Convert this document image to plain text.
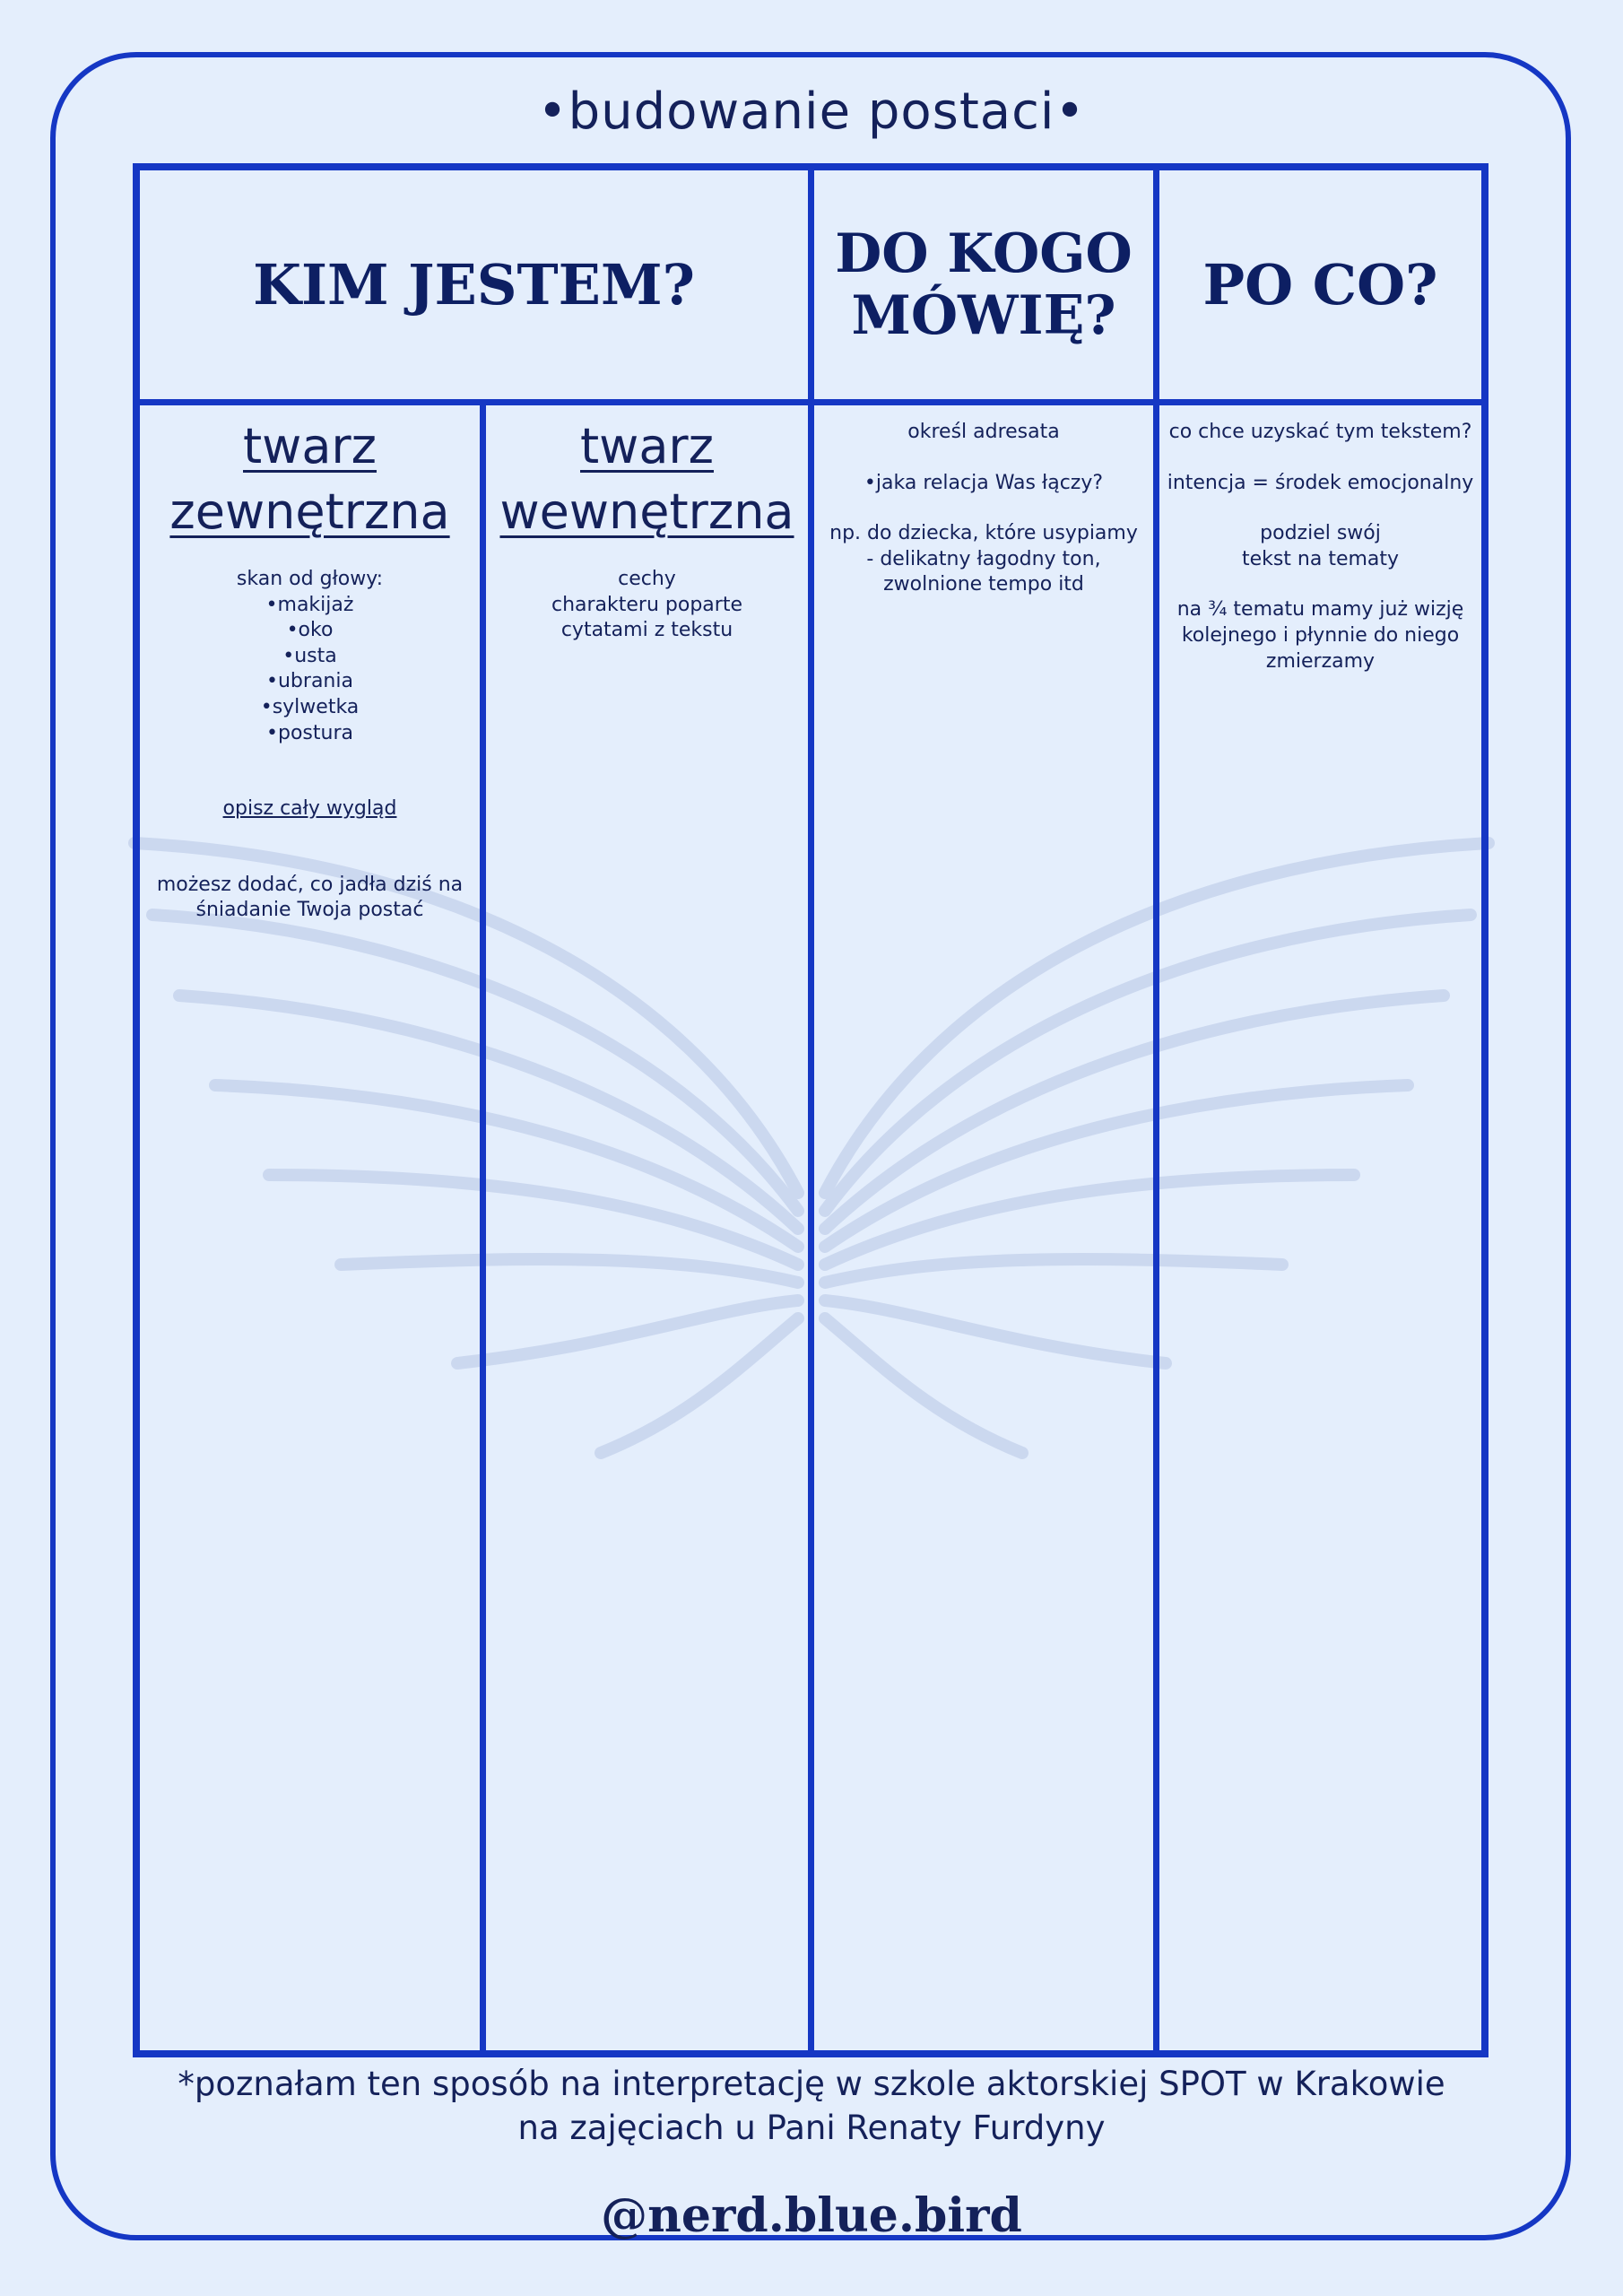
•budowanie postaci•
KIM JESTEM?	DO KOGO
MÓWIĘ? PO CO?
twarz
zewnętrzna
twarz
wewnętrzna

skan od głowy:

•makijaż

•oko

•usta

•ubrania

•sylwetka

•postura

opisz cały wygląd

możesz dodać, co jadła dziś na

śniadanie Twoja postać

cechy

charakteru poparte

cytatami z tekstu

określ adresata

•jaka relacja Was łączy?

np. do dziecka, które usypiamy

- delikatny łagodny ton,

zwolnione tempo itd

co chce uzyskać tym tekstem?

intencja = środek emocjonalny

podziel swój

tekst na tematy

na ¾ tematu mamy już wizję

kolejnego i płynnie do niego

zmierzamy

*poznałam ten sposób na interpretację w szkole aktorskiej SPOT w Krakowie
na zajęciach u Pani Renaty Furdyny
@nerd.blue.bird
